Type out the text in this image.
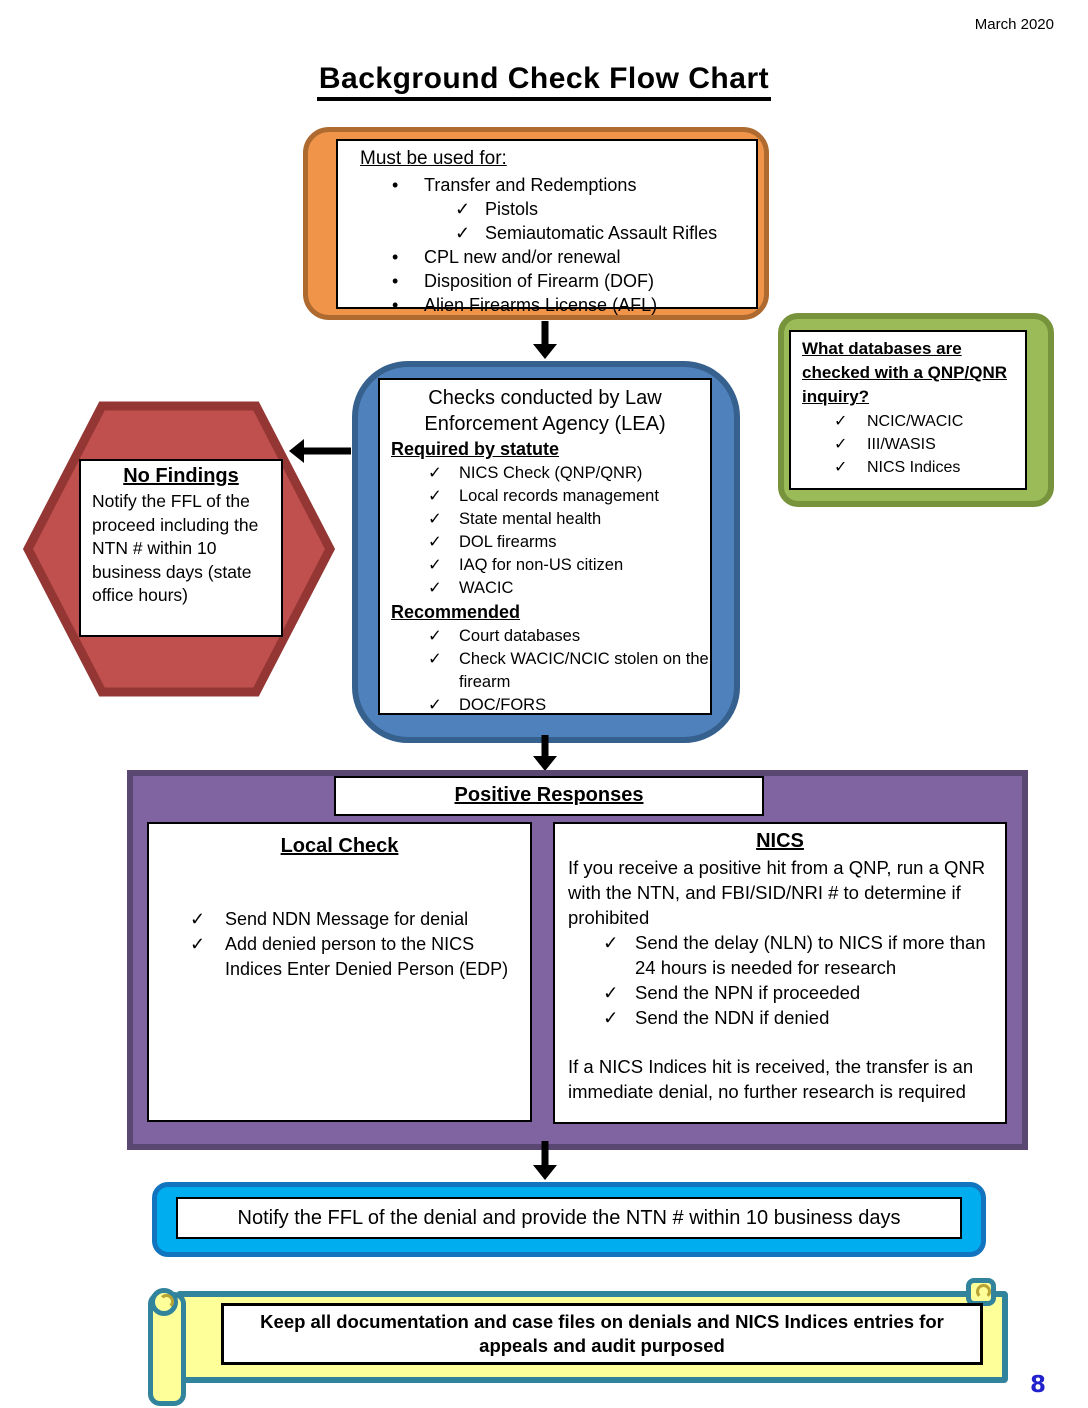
March 2020
Background Check Flow Chart
Must be used for:
•	Transfer and Redemptions
✓ Pistols
✓ Semiautomatic Assault Rifles
•	CPL new and/or renewal
•	Disposition of Firearm (DOF)
•	Alien Firearms License (AFL)
What databases are checked with a QNP/QNR inquiry?
✓	NCIC/WACIC
✓	III/WASIS
✓	NICS Indices
Checks conducted by Law Enforcement Agency (LEA)
Required by statute
✓	NICS Check (QNP/QNR)
✓	Local records management
✓	State mental health
✓	DOL firearms
✓	IAQ for non-US citizen
✓	WACIC
Recommended
✓	Court databases
✓	Check WACIC/NCIC stolen on the firearm
✓	DOC/FORS
No Findings
Notify the FFL of the proceed including the NTN # within 10 business days (state office hours)
Positive Responses
Local Check
✓	Send NDN Message for denial
✓	Add denied person to the NICS Indices Enter Denied Person (EDP)
NICS
If you receive a positive hit from a QNP, run a QNR with the NTN, and FBI/SID/NRI # to determine if prohibited
✓ Send the delay (NLN) to NICS if more than 24 hours is needed for research
✓ Send the NPN if proceeded
✓ Send the NDN if denied
If a NICS Indices hit is received, the transfer is an immediate denial, no further research is required
Notify the FFL of the denial and provide the NTN # within 10 business days
Keep all documentation and case files on denials and NICS Indices entries for appeals and audit purposed
8
